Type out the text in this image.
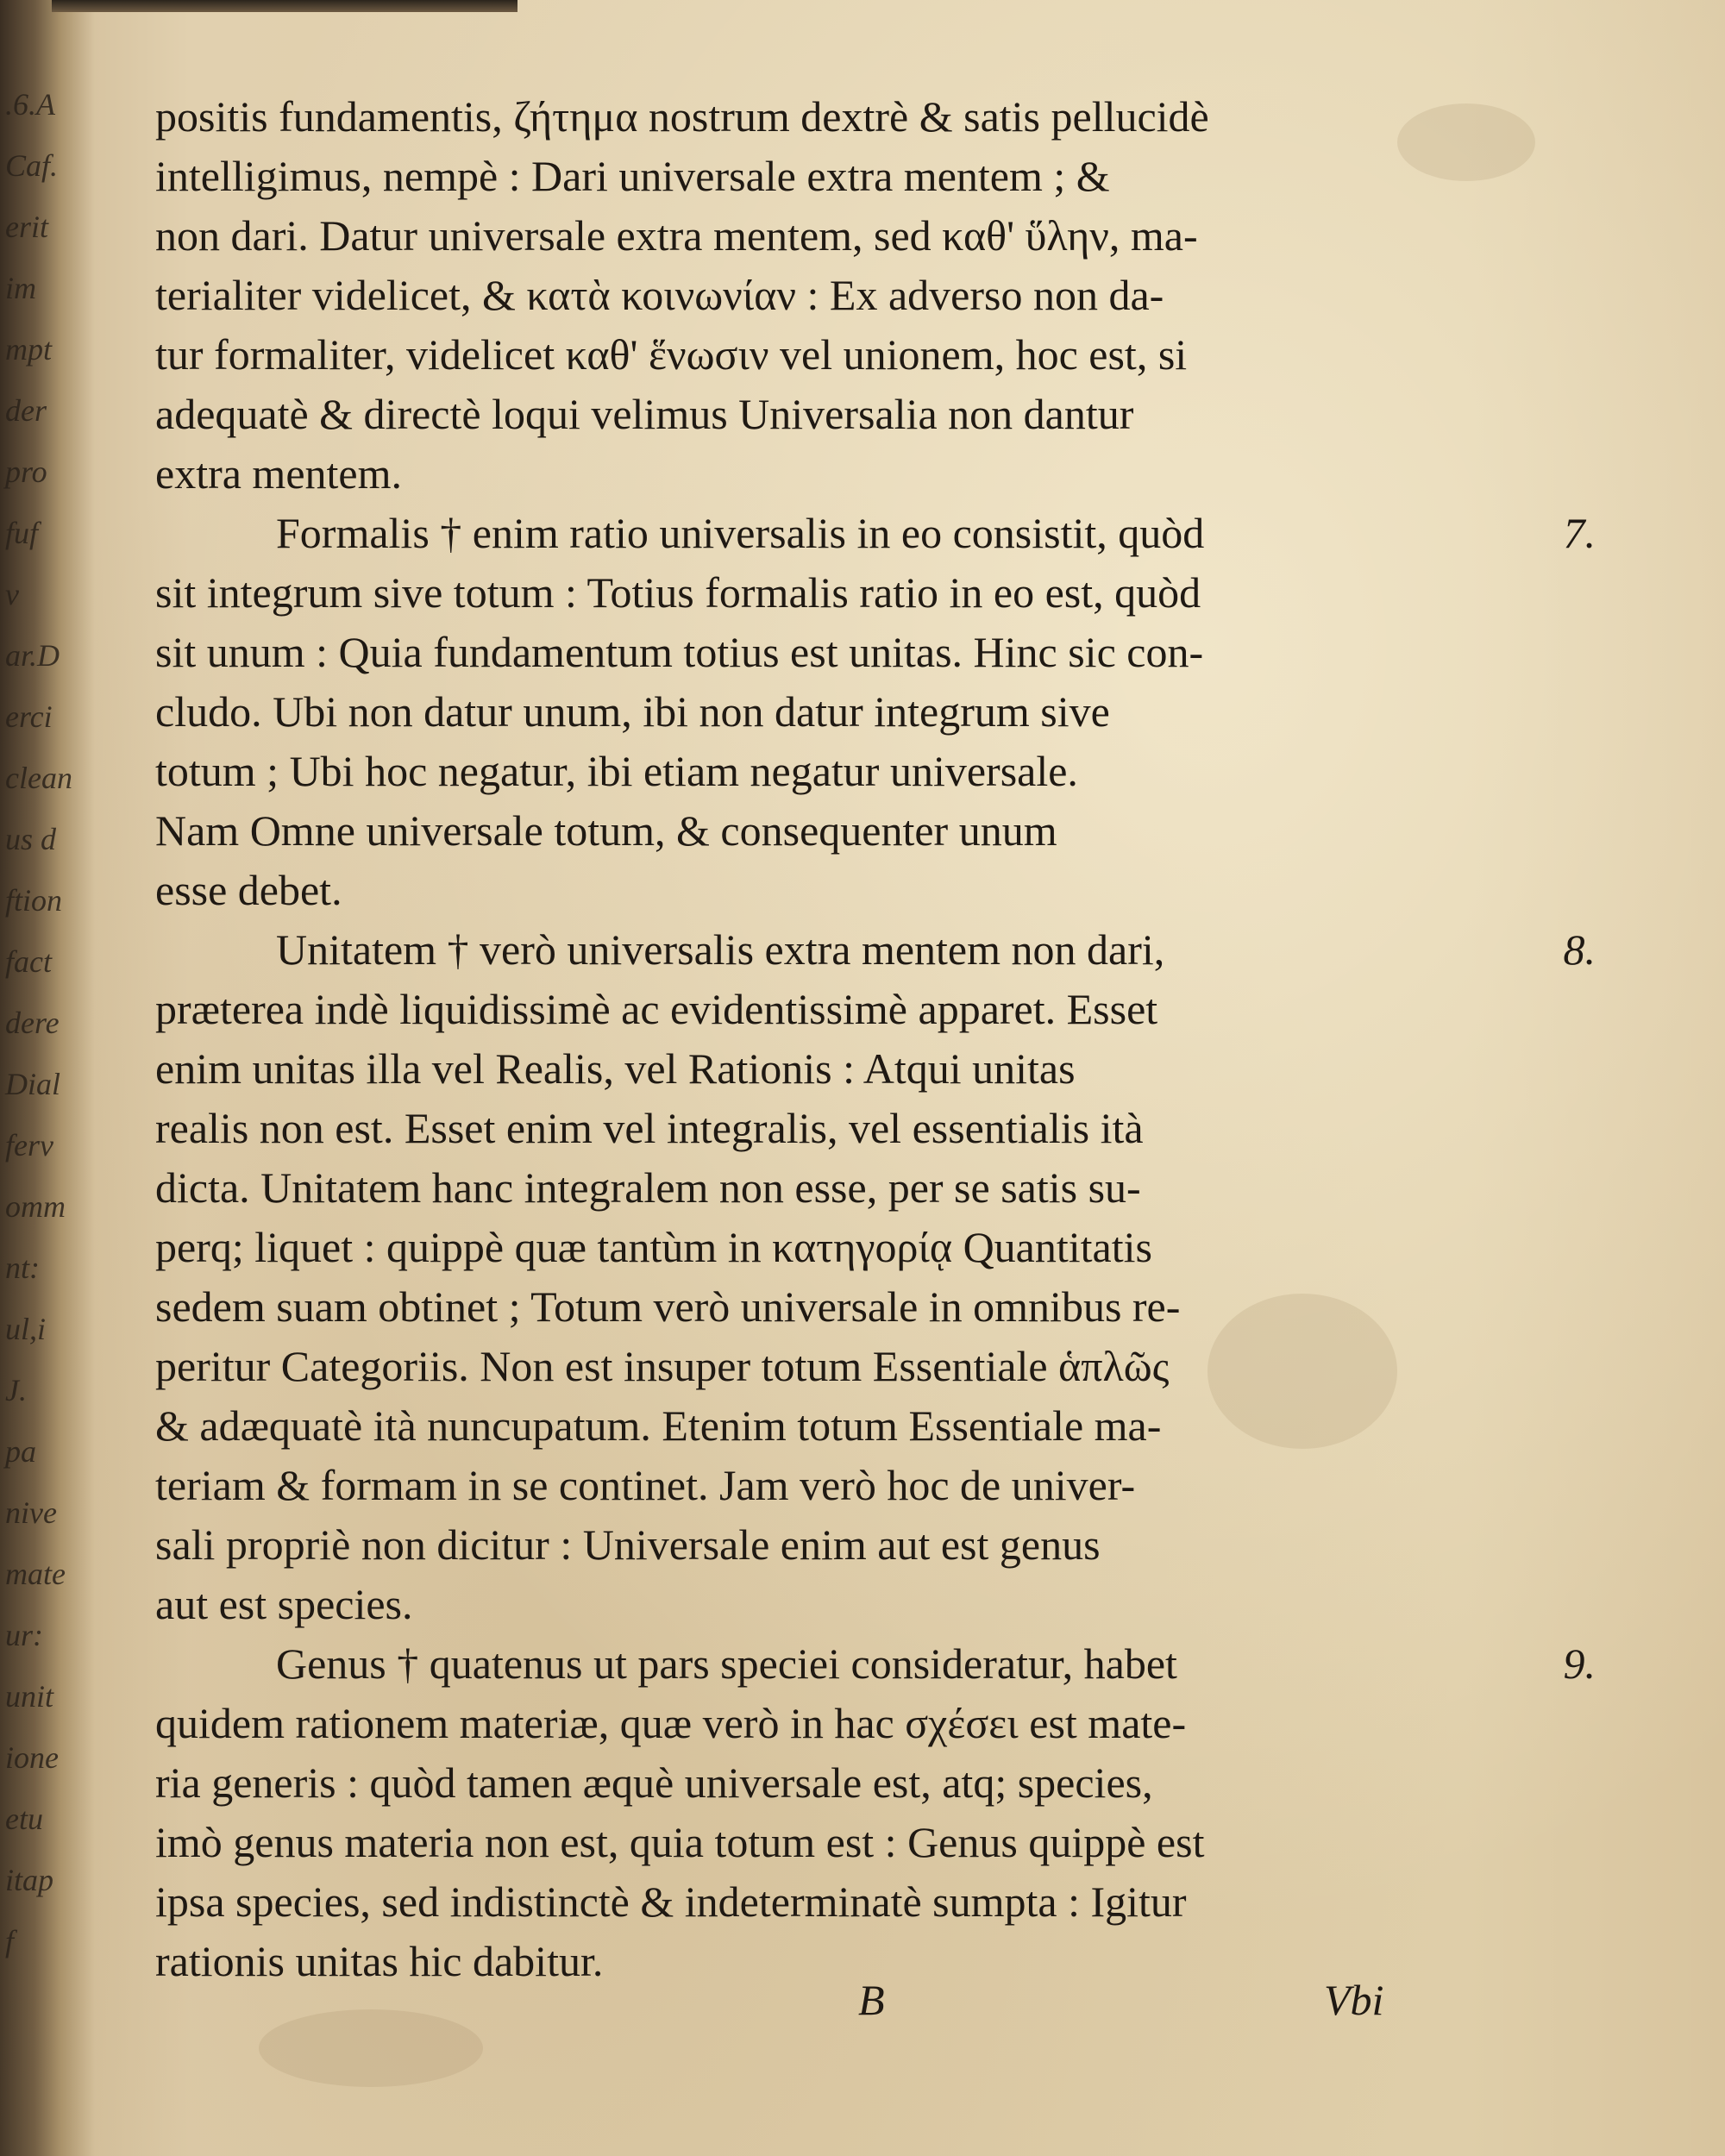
.6.A
Caf.
erit
im
mpt
der
pro
fuf
v
ar.D
erci
clean
us d
ftion
fact
dere
Dial
ferv
omm
nt:
ul,i
J.
pa
nive
mate
ur:
unit
ione
etu
itap
f
positis fundamentis, ζήτημα nostrum dextrè & satis pellucidè
intelligimus, nempè : Dari universale extra mentem ; &
non dari. Datur universale extra mentem, sed καθ' ὕλην, ma-
terialiter videlicet, & κατὰ κοινωνίαν : Ex adverso non da-
tur formaliter, videlicet καθ' ἕνωσιν vel unionem, hoc est, si
adequatè & directè loqui velimus Universalia non dantur
extra mentem.
Formalis † enim ratio universalis in eo consistit, quòd	7.
sit integrum sive totum : Totius formalis ratio in eo est, quòd
sit unum : Quia fundamentum totius est unitas. Hinc sic con-
cludo. Ubi non datur unum, ibi non datur integrum sive
totum ; Ubi hoc negatur, ibi etiam negatur universale.
Nam Omne universale totum, & consequenter unum
esse debet.
Unitatem † verò universalis extra mentem non dari,	8.
præterea indè liquidissimè ac evidentissimè apparet. Esset
enim unitas illa vel Realis, vel Rationis : Atqui unitas
realis non est. Esset enim vel integralis, vel essentialis ità
dicta. Unitatem hanc integralem non esse, per se satis su-
perq; liquet : quippè quæ tantùm in κατηγορίᾳ Quantitatis
sedem suam obtinet ; Totum verò universale in omnibus re-
peritur Categoriis. Non est insuper totum Essentiale ἁπλῶς
& adæquatè ità nuncupatum. Etenim totum Essentiale ma-
teriam & formam in se continet. Jam verò hoc de univer-
sali propriè non dicitur : Universale enim aut est genus
aut est species.
Genus † quatenus ut pars speciei consideratur, habet	9.
quidem rationem materiæ, quæ verò in hac σχέσει est mate-
ria generis : quòd tamen æquè universale est, atq; species,
imò genus materia non est, quia totum est : Genus quippè est
ipsa species, sed indistinctè & indeterminatè sumpta : Igitur
rationis unitas hic dabitur.
B	Vbi
